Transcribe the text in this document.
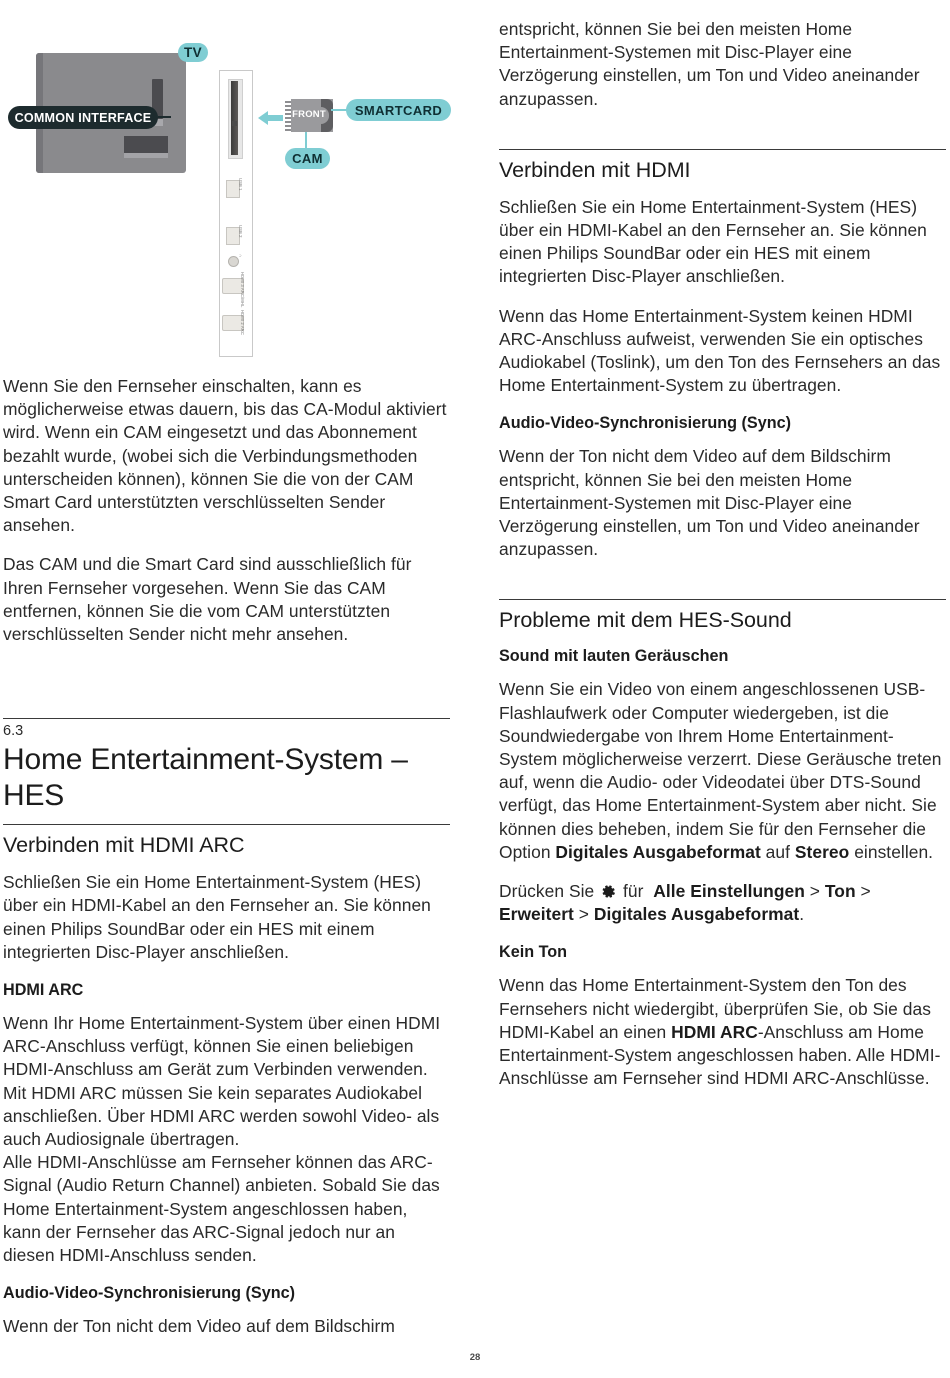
TV
COMMON INTERFACE
USB 1
USB 2
∩
HDMI 3 ARC/MHL
HDMI 2 ARC
FRONT	SMARTCARD
CAM

Wenn Sie den Fernseher einschalten, kann es möglicherweise etwas dauern, bis das CA-Modul aktiviert wird. Wenn ein CAM eingesetzt und das Abonnement bezahlt wurde, (wobei sich die Verbindungsmethoden unterscheiden können), können Sie die von der CAM Smart Card unterstützten verschlüsselten Sender ansehen.

Das CAM und die Smart Card sind ausschließlich für Ihren Fernseher vorgesehen. Wenn Sie das CAM entfernen, können Sie die vom CAM unterstützten verschlüsselten Sender nicht mehr ansehen.

6.3
Home Entertainment-System – HES
Verbinden mit HDMI ARC

Schließen Sie ein Home Entertainment-System (HES) über ein HDMI-Kabel an den Fernseher an. Sie können einen Philips SoundBar oder ein HES mit einem integrierten Disc-Player anschließen.

HDMI ARC

Wenn Ihr Home Entertainment-System über einen HDMI ARC-Anschluss verfügt, können Sie einen beliebigen HDMI-Anschluss am Gerät zum Verbinden verwenden. Mit HDMI ARC müssen Sie kein separates Audiokabel anschließen. Über HDMI ARC werden sowohl Video- als auch Audiosignale übertragen.

Alle HDMI-Anschlüsse am Fernseher können das ARC-Signal (Audio Return Channel) anbieten. Sobald Sie das Home Entertainment-System angeschlossen haben, kann der Fernseher das ARC-Signal jedoch nur an diesen HDMI-Anschluss senden.

Audio-Video-Synchronisierung (Sync)

Wenn der Ton nicht dem Video auf dem Bildschirm

entspricht, können Sie bei den meisten Home Entertainment-Systemen mit Disc-Player eine Verzögerung einstellen, um Ton und Video aneinander anzupassen.

Verbinden mit HDMI

Schließen Sie ein Home Entertainment-System (HES) über ein HDMI-Kabel an den Fernseher an. Sie können einen Philips SoundBar oder ein HES mit einem integrierten Disc-Player anschließen.

Wenn das Home Entertainment-System keinen HDMI ARC-Anschluss aufweist, verwenden Sie ein optisches Audiokabel (Toslink), um den Ton des Fernsehers an das Home Entertainment-System zu übertragen.

Audio-Video-Synchronisierung (Sync)

Wenn der Ton nicht dem Video auf dem Bildschirm entspricht, können Sie bei den meisten Home Entertainment-Systemen mit Disc-Player eine Verzögerung einstellen, um Ton und Video aneinander anzupassen.

Probleme mit dem HES-Sound
Sound mit lauten Geräuschen

Wenn Sie ein Video von einem angeschlossenen USB-Flashlaufwerk oder Computer wiedergeben, ist die Soundwiedergabe von Ihrem Home Entertainment-System möglicherweise verzerrt. Diese Geräusche treten auf, wenn die Audio- oder Videodatei über DTS-Sound verfügt, das Home Entertainment-System aber nicht. Sie können dies beheben, indem Sie für den Fernseher die Option Digitales Ausgabeformat auf Stereo einstellen.

Drücken Sie  für  Alle Einstellungen > Ton > Erweitert > Digitales Ausgabeformat.

Kein Ton

Wenn das Home Entertainment-System den Ton des Fernsehers nicht wiedergibt, überprüfen Sie, ob Sie das HDMI-Kabel an einen HDMI ARC-Anschluss am Home Entertainment-System angeschlossen haben. Alle HDMI-Anschlüsse am Fernseher sind HDMI ARC-Anschlüsse.

28
